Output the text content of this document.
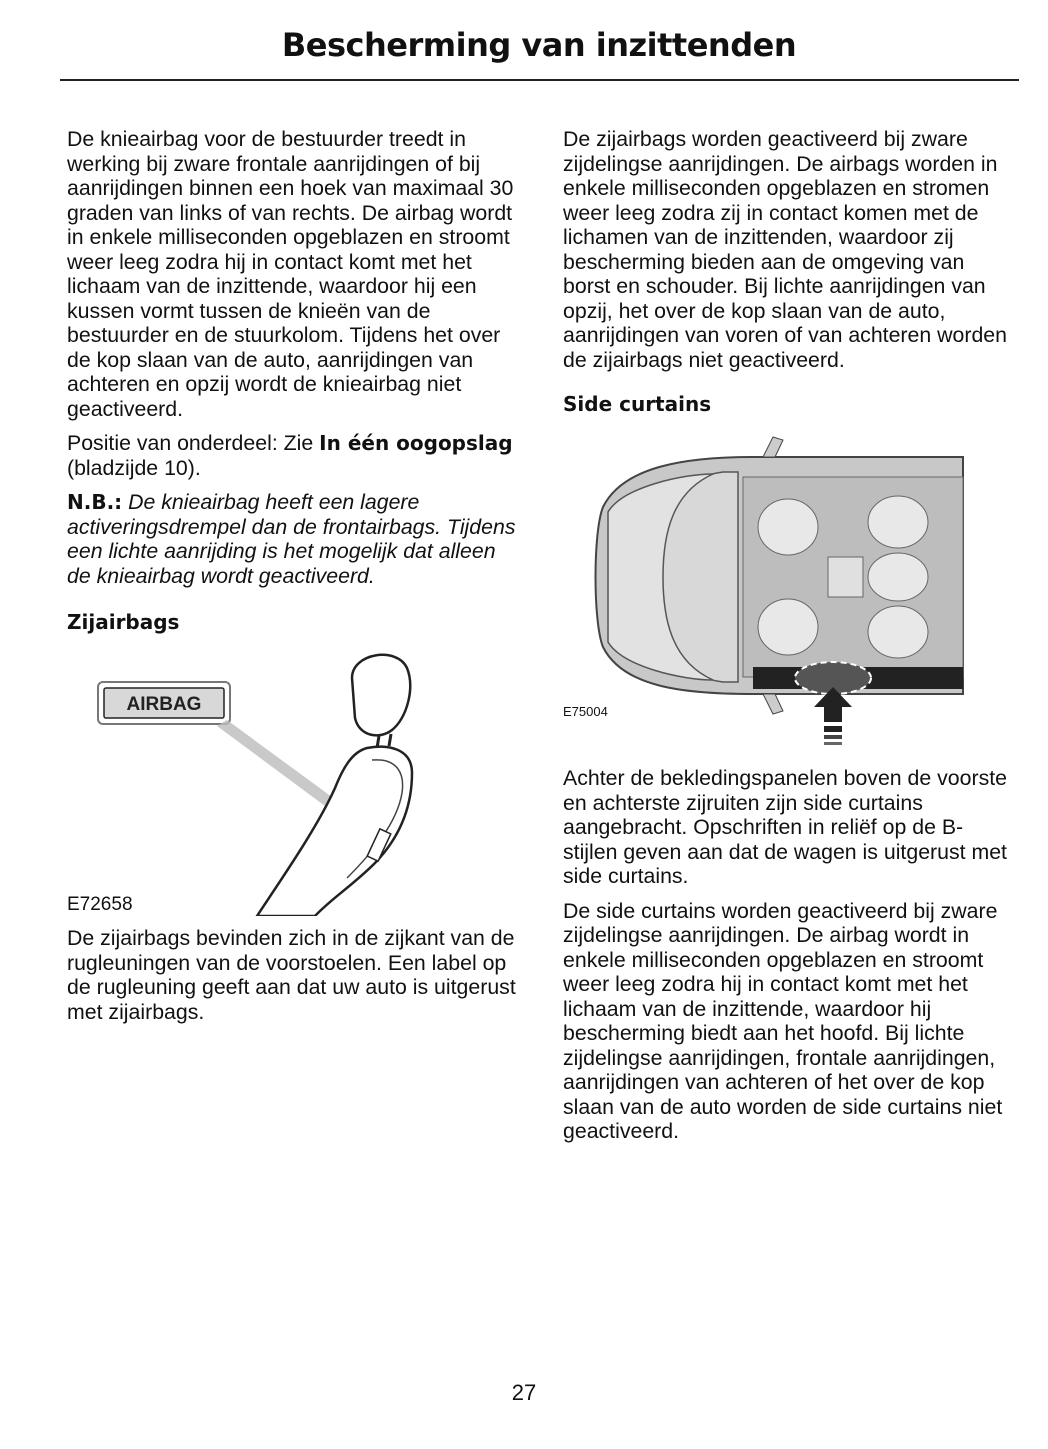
Bescherming van inzittenden

De knieairbag voor de bestuurder treedt in werking bij zware frontale aanrijdingen of bij aanrijdingen binnen een hoek van maximaal 30 graden van links of van rechts. De airbag wordt in enkele milliseconden opgeblazen en stroomt weer leeg zodra hij in contact komt met het lichaam van de inzittende, waardoor hij een kussen vormt tussen de knieën van de bestuurder en de stuurkolom. Tijdens het over de kop slaan van de auto, aanrijdingen van achteren en opzij wordt de knieairbag niet geactiveerd.

Positie van onderdeel: Zie In één oogopslag (bladzijde 10).

N.B.: De knieairbag heeft een lagere activeringsdrempel dan de frontairbags. Tijdens een lichte aanrijding is het mogelijk dat alleen de knieairbag wordt geactiveerd.

Zijairbags
AIRBAG
E72658

De zijairbags bevinden zich in de zijkant van de rugleuningen van de voorstoelen. Een label op de rugleuning geeft aan dat uw auto is uitgerust met zijairbags.

De zijairbags worden geactiveerd bij zware zijdelingse aanrijdingen. De airbags worden in enkele milliseconden opgeblazen en stromen weer leeg zodra zij in contact komen met de lichamen van de inzittenden, waardoor zij bescherming bieden aan de omgeving van borst en schouder. Bij lichte aanrijdingen van opzij, het over de kop slaan van de auto, aanrijdingen van voren of van achteren worden de zijairbags niet geactiveerd.

Side curtains
E75004

Achter de bekledingspanelen boven de voorste en achterste zijruiten zijn side curtains aangebracht. Opschriften in reliëf op de B-stijlen geven aan dat de wagen is uitgerust met side curtains.

De side curtains worden geactiveerd bij zware zijdelingse aanrijdingen. De airbag wordt in enkele milliseconden opgeblazen en stroomt weer leeg zodra hij in contact komt met het lichaam van de inzittende, waardoor hij bescherming biedt aan het hoofd. Bij lichte zijdelingse aanrijdingen, frontale aanrijdingen, aanrijdingen van achteren of het over de kop slaan van de auto worden de side curtains niet geactiveerd.

27
